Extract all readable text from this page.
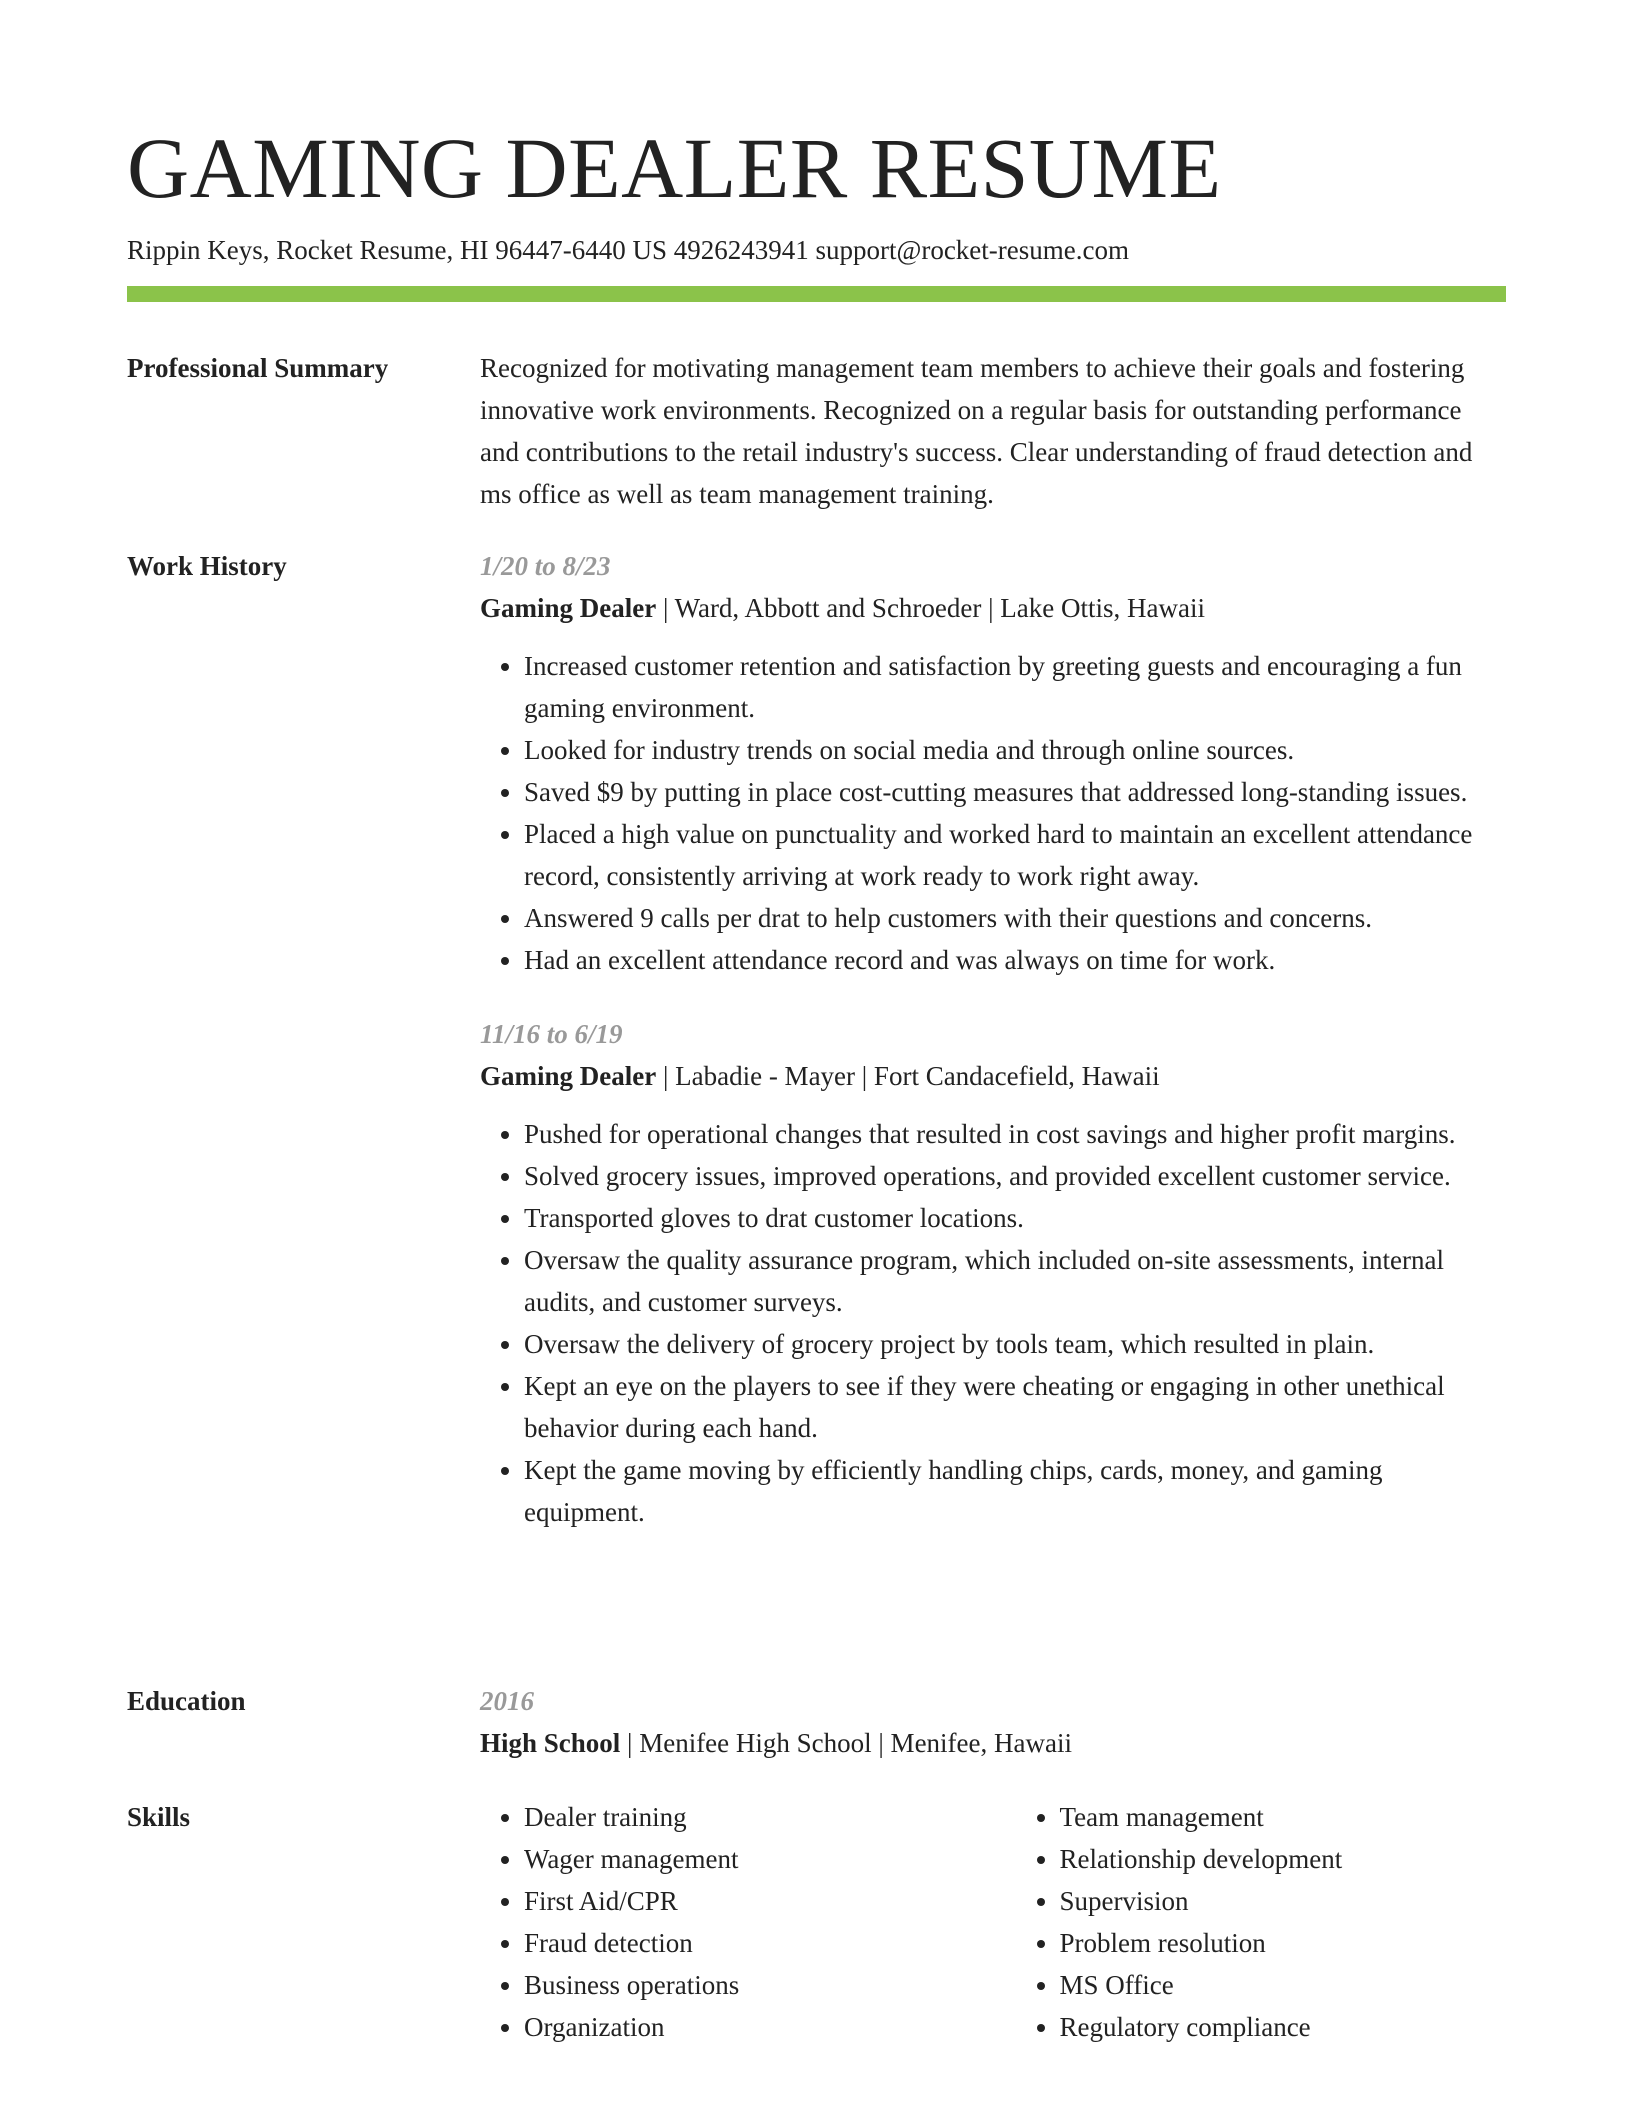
GAMING DEALER RESUME
Rippin Keys, Rocket Resume, HI 96447-6440 US 4926243941 support@rocket-resume.com
Professional Summary	Recognized for motivating management team members to achieve their goals and fostering innovative work environments. Recognized on a regular basis for outstanding performance and contributions to the retail industry's success. Clear understanding of fraud detection and ms office as well as team management training.

Work History	1/20 to 8/23

Gaming Dealer | Ward, Abbott and Schroeder | Lake Ottis, Hawaii

• Increased customer retention and satisfaction by greeting guests and encouraging a fun gaming environment.
• Looked for industry trends on social media and through online sources.
• Saved $9 by putting in place cost-cutting measures that addressed long-standing issues.
• Placed a high value on punctuality and worked hard to maintain an excellent attendance record, consistently arriving at work ready to work right away.
• Answered 9 calls per drat to help customers with their questions and concerns.
• Had an excellent attendance record and was always on time for work.

11/16 to 6/19

Gaming Dealer | Labadie - Mayer | Fort Candacefield, Hawaii

• Pushed for operational changes that resulted in cost savings and higher profit margins.
• Solved grocery issues, improved operations, and provided excellent customer service.
• Transported gloves to drat customer locations.
• Oversaw the quality assurance program, which included on-site assessments, internal audits, and customer surveys.
• Oversaw the delivery of grocery project by tools team, which resulted in plain.
• Kept an eye on the players to see if they were cheating or engaging in other unethical behavior during each hand.
• Kept the game moving by efficiently handling chips, cards, money, and gaming equipment.
Education	2016

High School | Menifee High School | Menifee, Hawaii

Skills
•	Dealer training
• Wager management
• First Aid/CPR
• Fraud detection
• Business operations
• Organization
• Team management
• Relationship development
• Supervision
• Problem resolution
• MS Office
• Regulatory compliance
